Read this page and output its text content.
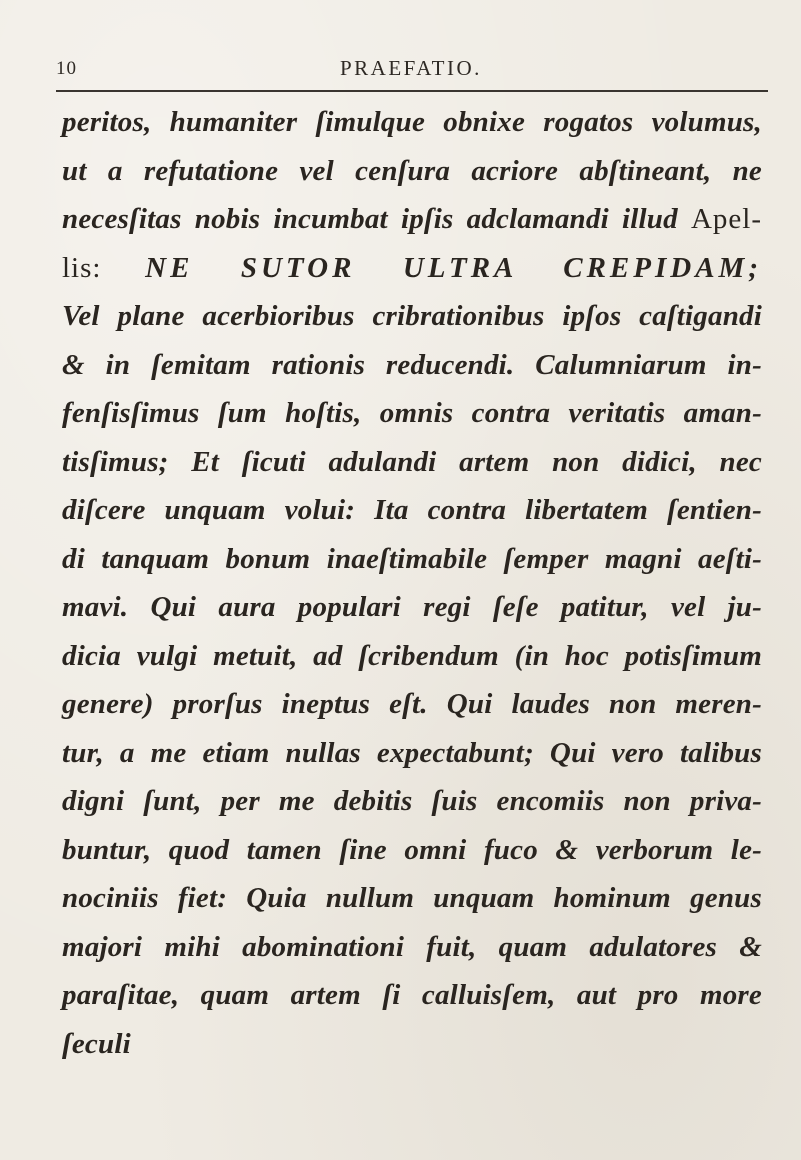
10	PRAEFATIO.
peritos, humaniter ſimulque obnixe rogatos volumus,
ut a refutatione vel cenſura acriore abſtineant, ne
necesſitas nobis incumbat ipſis adclamandi illud Apel-
lis: NE SUTOR ULTRA CREPIDAM;
Vel plane acerbioribus cribrationibus ipſos caſtigandi
& in ſemitam rationis reducendi. Calumniarum in-
fenſisſimus ſum hoſtis, omnis contra veritatis aman-
tisſimus; Et ſicuti adulandi artem non didici, nec
diſcere unquam volui: Ita contra libertatem ſentien-
di tanquam bonum inaeſtimabile ſemper magni aeſti-
mavi. Qui aura populari regi ſeſe patitur, vel ju-
dicia vulgi metuit, ad ſcribendum (in hoc potisſimum
genere) prorſus ineptus eſt. Qui laudes non meren-
tur, a me etiam nullas expectabunt; Qui vero talibus
digni ſunt, per me debitis ſuis encomiis non priva-
buntur, quod tamen ſine omni fuco & verborum le-
nociniis fiet: Quia nullum unquam hominum genus
majori mihi abominationi fuit, quam adulatores &
paraſitae, quam artem ſi calluisſem, aut pro more
ſeculi
